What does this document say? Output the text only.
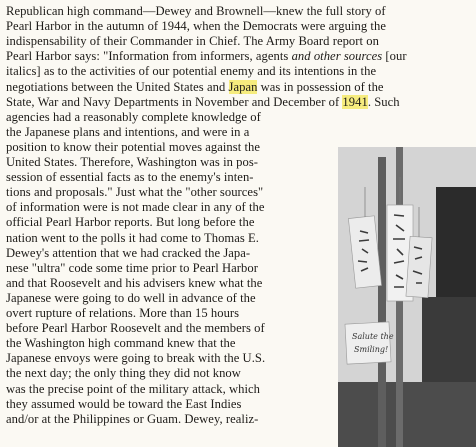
Republican high command—Dewey and Brownell—knew the full story of
Pearl Harbor in the autumn of 1944, when the Democrats were arguing the
indispensability of their Commander in Chief. The Army Board report on
Pearl Harbor says: "Information from informers, agents and other sources [our
italics] as to the activities of our potential enemy and its intentions in the
negotiations between the United States and Japan was in possession of the
State, War and Navy Departments in November and December of 1941. Such
agencies had a reasonably complete knowledge of
the Japanese plans and intentions, and were in a
position to know their potential moves against the
United States. Therefore, Washington was in pos-
session of essential facts as to the enemy's inten-
tions and proposals." Just what the "other sources"
of information were is not made clear in any of the
official Pearl Harbor reports. But long before the
nation went to the polls it had come to Thomas E.
Dewey's attention that we had cracked the Japa-
nese "ultra" code some time prior to Pearl Harbor
and that Roosevelt and his advisers knew what the
Japanese were going to do well in advance of the
overt rupture of relations. More than 15 hours
before Pearl Harbor Roosevelt and the members of
the Washington high command knew that the
Japanese envoys were going to break with the U.S.
the next day; the only thing they did not know
was the precise point of the military attack, which
they assumed would be toward the East Indies
and/or at the Philippines or Guam. Dewey, realiz-
Salute the
Smiling!
